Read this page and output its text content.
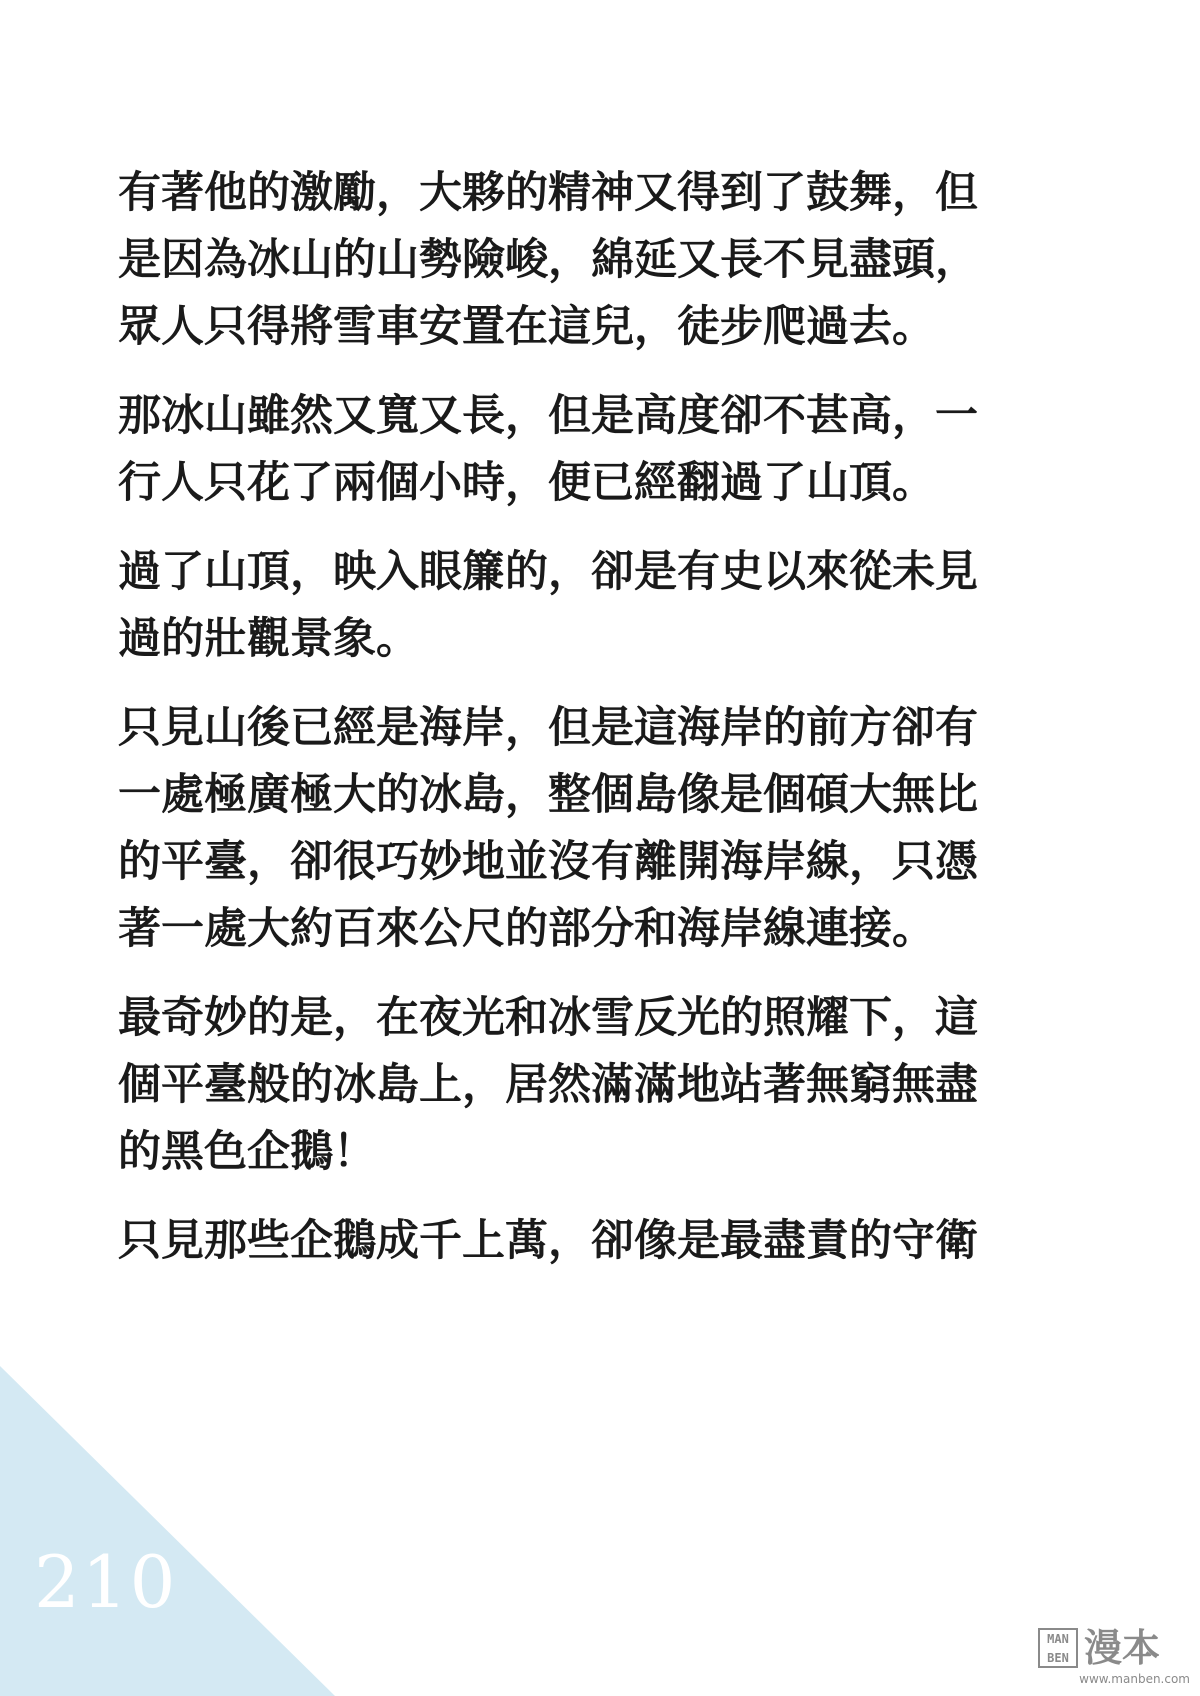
有著他的激勵，大夥的精神又得到了鼓舞，但
是因為冰山的山勢險峻，綿延又長不見盡頭，
眾人只得將雪車安置在這兒，徒步爬過去。
那冰山雖然又寬又長，但是高度卻不甚高，一
行人只花了兩個小時，便已經翻過了山頂。
過了山頂，映入眼簾的，卻是有史以來從未見
過的壯觀景象。
只見山後已經是海岸，但是這海岸的前方卻有
一處極廣極大的冰島，整個島像是個碩大無比
的平臺，卻很巧妙地並沒有離開海岸線，只憑
著一處大約百來公尺的部分和海岸線連接。
最奇妙的是，在夜光和冰雪反光的照耀下，這
個平臺般的冰島上，居然滿滿地站著無窮無盡
的黑色企鵝！
只見那些企鵝成千上萬，卻像是最盡責的守衛
210
MAN
BEN 漫本
www.manben.com
